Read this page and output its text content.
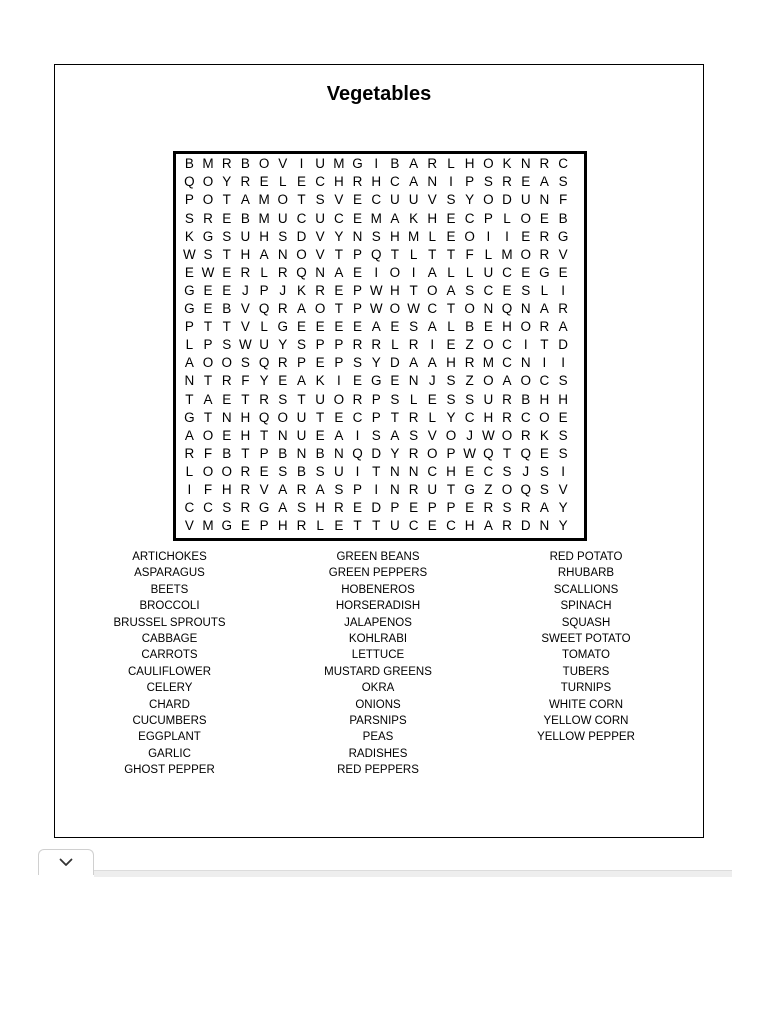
Vegetables
B M R B O V I U M G I B A R L H O K N R C
Q O Y R E L E C H R H C A N I P S R E A S
P O T A M O T S V E C U U V S Y O D U N F
S R E B M U C U C E M A K H E C P L O E B
K G S U H S D V Y N S H M L E O I	I E R G
W S T H A N O V T P Q T L T T F L M O R V
E W E R L R Q N A E I O I A L L U C E G E
G E E J P J K R E P W H T O A S C E S L I
G E B V Q R A O T P W O W C T O N Q N A R
P T T V L G E E E E A E S A L B E H O R A
L P S W U Y S P P R R L R I E Z O C I T D
A O O S Q R P E P S Y D A A H R M C N I	I
N T R F Y E A K I E G E N J S Z O A O C S
T A E T R S T U O R P S L E S S U R B H H
G T N H Q O U T E C P T R L Y C H R C O E
A O E H T N U E A I S A S V O J W O R K S
R F B T P B N B N Q D Y R O P W Q T Q E S
L O O R E S B S U I T N N C H E C S J S I
I F H R V A R A S P I N R U T G Z O Q S V
C C S R G A S H R E D P E P P E R S R A Y
V M G E P H R L E T T U C E C H A R D N Y
ARTICHOKES
ASPARAGUS
BEETS
BROCCOLI
BRUSSEL SPROUTS
CABBAGE
CARROTS
CAULIFLOWER
CELERY
CHARD
CUCUMBERS
EGGPLANT
GARLIC
GHOST PEPPER
GREEN BEANS
GREEN PEPPERS
HOBENEROS
HORSERADISH
JALAPENOS
KOHLRABI
LETTUCE
MUSTARD GREENS
OKRA
ONIONS
PARSNIPS
PEAS
RADISHES
RED PEPPERS
RED POTATO
RHUBARB
SCALLIONS
SPINACH
SQUASH
SWEET POTATO
TOMATO
TUBERS
TURNIPS
WHITE CORN
YELLOW CORN
YELLOW PEPPER
